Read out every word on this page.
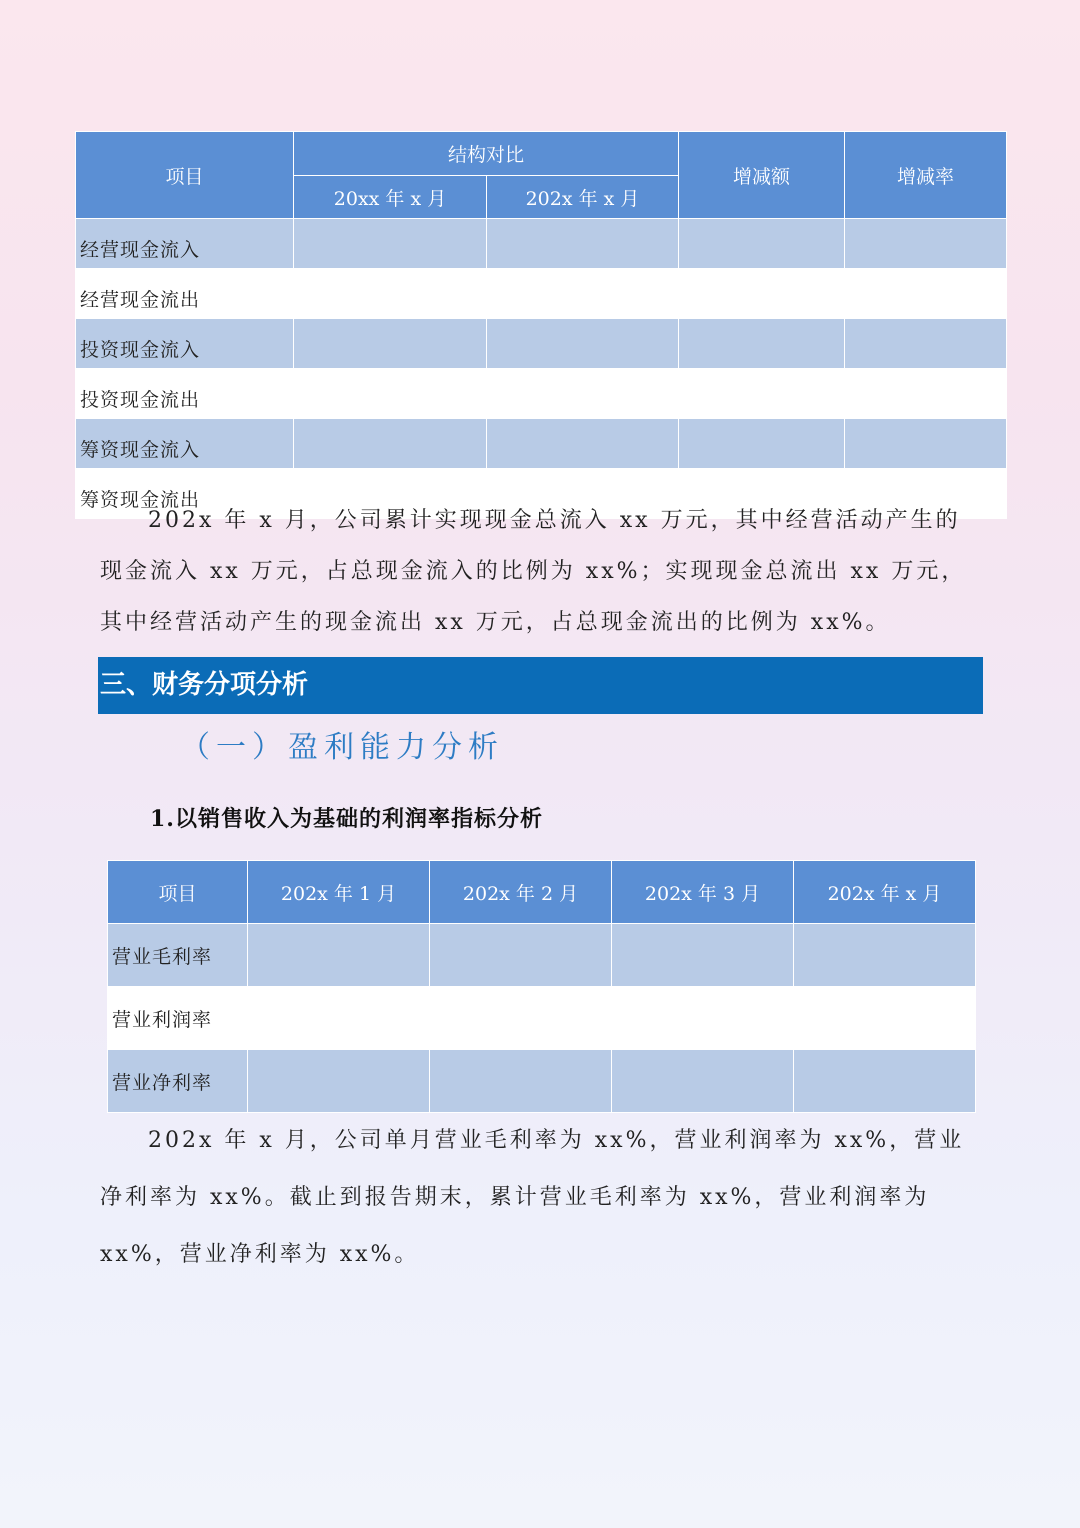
项目	结构对比		增减额	增减率
	20xx 年 x 月	202x 年 x 月		
经营现金流入				
经营现金流出				
投资现金流入				
投资现金流出				
筹资现金流入				
筹资现金流出				
202x 年 x 月，公司累计实现现金总流入 xx 万元，其中经营活动产生的现金流入 xx 万元，占总现金流入的比例为 xx%；实现现金总流出 xx 万元，其中经营活动产生的现金流出 xx 万元，占总现金流出的比例为 xx%。
三、财务分项分析
（一）盈利能力分析
1.以销售收入为基础的利润率指标分析
项目	202x 年 1 月	202x 年 2 月	202x 年 3 月	202x 年 x 月
营业毛利率				
营业利润率				
营业净利率				
202x 年 x 月，公司单月营业毛利率为 xx%，营业利润率为 xx%，营业净利率为 xx%。截止到报告期末，累计营业毛利率为 xx%，营业利润率为 xx%，营业净利率为 xx%。
